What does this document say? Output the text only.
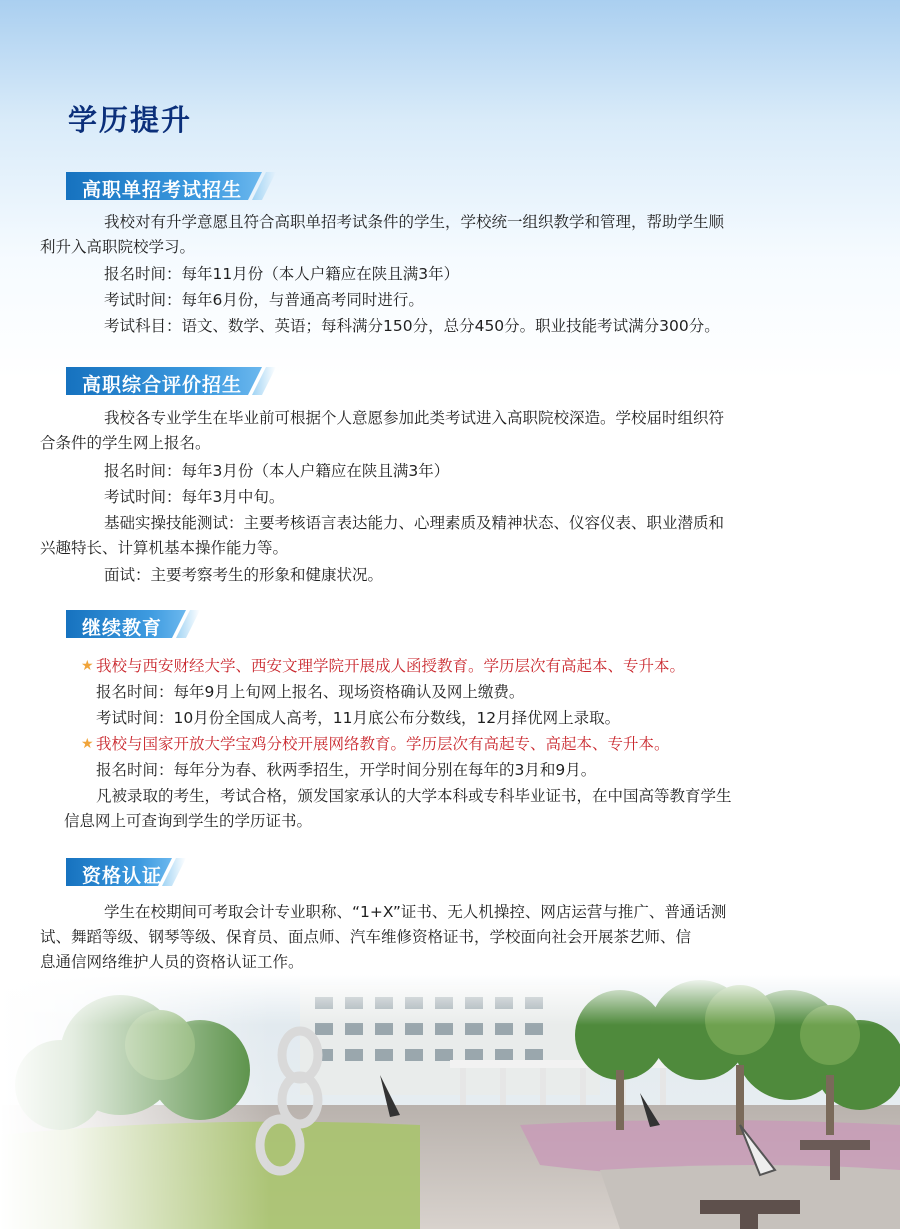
学历提升
高职单招考试招生

我校对有升学意愿且符合高职单招考试条件的学生，学校统一组织教学和管理，帮助学生顺
利升入高职院校学习。

报名时间：每年11月份（本人户籍应在陕且满3年）

考试时间：每年6月份，与普通高考同时进行。

考试科目：语文、数学、英语；每科满分150分，总分450分。职业技能考试满分300分。

高职综合评价招生

我校各专业学生在毕业前可根据个人意愿参加此类考试进入高职院校深造。学校届时组织符
合条件的学生网上报名。

报名时间：每年3月份（本人户籍应在陕且满3年）

考试时间：每年3月中旬。

基础实操技能测试：主要考核语言表达能力、心理素质及精神状态、仪容仪表、职业潜质和
兴趣特长、计算机基本操作能力等。

面试：主要考察考生的形象和健康状况。

继续教育

★ 我校与西安财经大学、西安文理学院开展成人函授教育。学历层次有高起本、专升本。

报名时间：每年9月上旬网上报名、现场资格确认及网上缴费。

考试时间：10月份全国成人高考，11月底公布分数线，12月择优网上录取。

★ 我校与国家开放大学宝鸡分校开展网络教育。学历层次有高起专、高起本、专升本。

报名时间：每年分为春、秋两季招生，开学时间分别在每年的3月和9月。

凡被录取的考生，考试合格，颁发国家承认的大学本科或专科毕业证书，在中国高等教育学生
信息网上可查询到学生的学历证书。

资格认证

学生在校期间可考取会计专业职称、“1+X”证书、无人机操控、网店运营与推广、普通话测
试、舞蹈等级、钢琴等级、保育员、面点师、汽车维修资格证书，学校面向社会开展茶艺师、信
息通信网络维护人员的资格认证工作。
